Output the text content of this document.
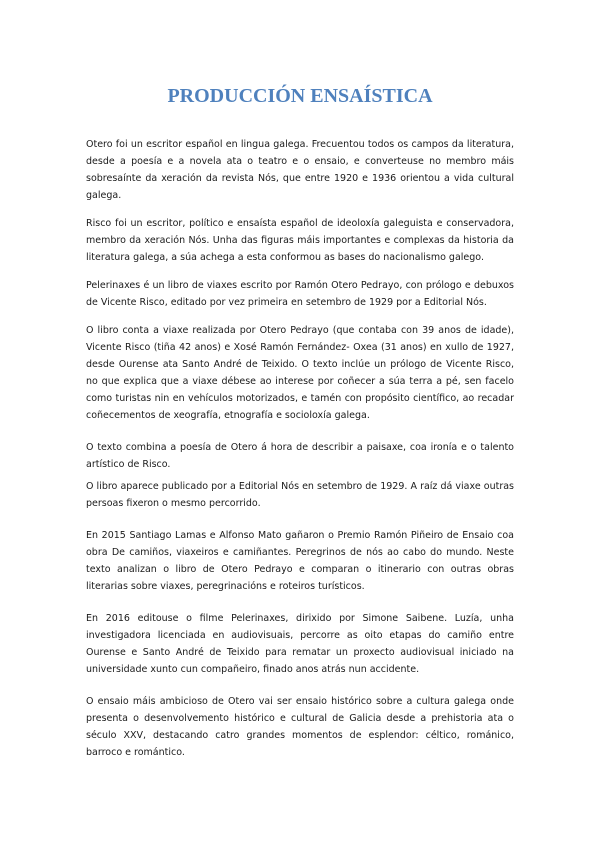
PRODUCCIÓN ENSAÍSTICA

Otero foi un escritor español en lingua galega. Frecuentou todos os campos da literatura, desde a poesía e a novela ata o teatro e o ensaio, e converteuse no membro máis sobresaínte da xeración da revista Nós, que entre 1920 e 1936 orientou a vida cultural galega.

Risco foi un escritor, político e ensaísta español de ideoloxía galeguista e conservadora, membro da xeración Nós. Unha das figuras máis importantes e complexas da historia da literatura galega, a súa achega a esta conformou as bases do nacionalismo galego.

Pelerinaxes é un libro de viaxes escrito por Ramón Otero Pedrayo, con prólogo e debuxos de Vicente Risco, editado por vez primeira en setembro de 1929 por a Editorial Nós.

O libro conta a viaxe realizada por Otero Pedrayo (que contaba con 39 anos de idade), Vicente Risco (tiña 42 anos) e Xosé Ramón Fernández- Oxea (31 anos) en xullo de 1927, desde Ourense ata Santo André de Teixido. O texto inclúe un prólogo de Vicente Risco, no que explica que a viaxe débese ao interese por coñecer a súa terra a pé, sen facelo como turistas nin en vehículos motorizados, e tamén con propósito científico, ao recadar coñecementos de xeografía, etnografía e socioloxía galega.

O texto combina a poesía de Otero á hora de describir a paisaxe, coa ironía e o talento artístico de Risco.

O libro aparece publicado por a Editorial Nós en setembro de 1929. A raíz dá viaxe outras persoas fixeron o mesmo percorrido.

En 2015 Santiago Lamas e Alfonso Mato gañaron o Premio Ramón Piñeiro de Ensaio coa obra De camiños, viaxeiros e camiñantes. Peregrinos de nós ao cabo do mundo. Neste texto analizan o libro de Otero Pedrayo e comparan o itinerario con outras obras literarias sobre viaxes, peregrinacións e roteiros turísticos.

En 2016 editouse o filme Pelerinaxes, dirixido por Simone Saibene. Luzía, unha investigadora licenciada en audiovisuais, percorre as oito etapas do camiño entre Ourense e Santo André de Teixido para rematar un proxecto audiovisual iniciado na universidade xunto cun compañeiro, finado anos atrás nun accidente.

O ensaio máis ambicioso de Otero vai ser ensaio histórico sobre a cultura galega onde presenta o desenvolvemento histórico e cultural de Galicia desde a prehistoria ata o século XXV, destacando catro grandes momentos de esplendor: céltico, románico, barroco e romántico.
